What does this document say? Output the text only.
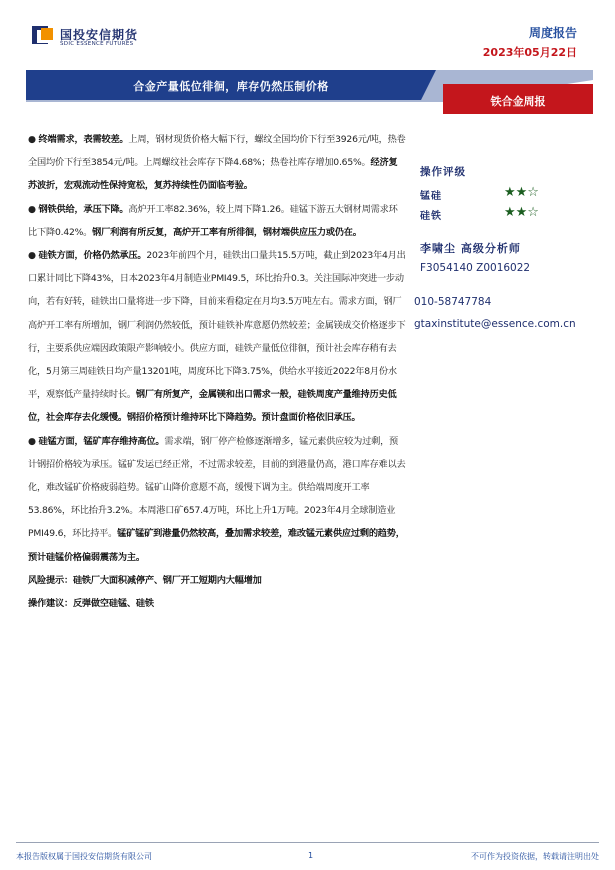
国投安信期货
SDIC ESSENCE FUTURES
周度报告
2023年05月22日
合金产量低位徘徊，库存仍然压制价格
铁合金周报

● 终端需求，表需较差。上周，钢材现货价格大幅下行，螺纹全国均价下行至3926元/吨，热卷全国均价下行至3854元/吨。上周螺纹社会库存下降4.68%；热卷社库存增加0.65%。经济复苏波折，宏观流动性保持宽松，复苏持续性仍面临考验。

● 钢铁供给，承压下降。高炉开工率82.36%，较上周下降1.26。硅锰下游五大钢材周需求环比下降0.42%。钢厂利润有所反复，高炉开工率有所徘徊，钢材端供应压力或仍在。

● 硅铁方面，价格仍然承压。2023年前四个月，硅铁出口量共15.5万吨，截止到2023年4月出口累计同比下降43%，日本2023年4月制造业PMI49.5，环比抬升0.3。关注国际冲突进一步动向，若有好转，硅铁出口量将进一步下降，目前来看稳定在月均3.5万吨左右。需求方面，钢厂高炉开工率有所增加，钢厂利润仍然较低，预计硅铁补库意愿仍然较差；金属镁成交价格逐步下行，主要系供应端因政策限产影响较小。供应方面，硅铁产量低位徘徊，预计社会库存稍有去化，5月第三周硅铁日均产量13201吨，周度环比下降3.75%，供给水平接近2022年8月份水平，观察低产量持续时长。钢厂有所复产，金属镁和出口需求一般，硅铁周度产量维持历史低位，社会库存去化缓慢。钢招价格预计维持环比下降趋势。预计盘面价格依旧承压。

● 硅锰方面，锰矿库存维持高位。需求端，钢厂停产检修逐渐增多，锰元素供应较为过剩，预计钢招价格较为承压。锰矿发运已经正常，不过需求较差，目前的到港量仍高，港口库存难以去化，难改锰矿价格疲弱趋势。锰矿山降价意愿不高，缓慢下调为主。供给端周度开工率53.86%，环比抬升3.2%。本周港口矿657.4万吨，环比上升1万吨。2023年4月全球制造业PMI49.6，环比持平。锰矿锰矿到港量仍然较高，叠加需求较差，难改锰元素供应过剩的趋势，预计硅锰价格偏弱震荡为主。

风险提示：硅铁厂大面积减停产、钢厂开工短期内大幅增加

操作建议：反弹做空硅锰、硅铁

操作评级
锰硅	★★☆
硅铁	★★☆
李啸尘 高级分析师
F3054140 Z0016022
010-58747784
gtaxinstitute@essence.com.cn
本报告版权属于国投安信期货有限公司	1	不可作为投资依据，转载请注明出处
